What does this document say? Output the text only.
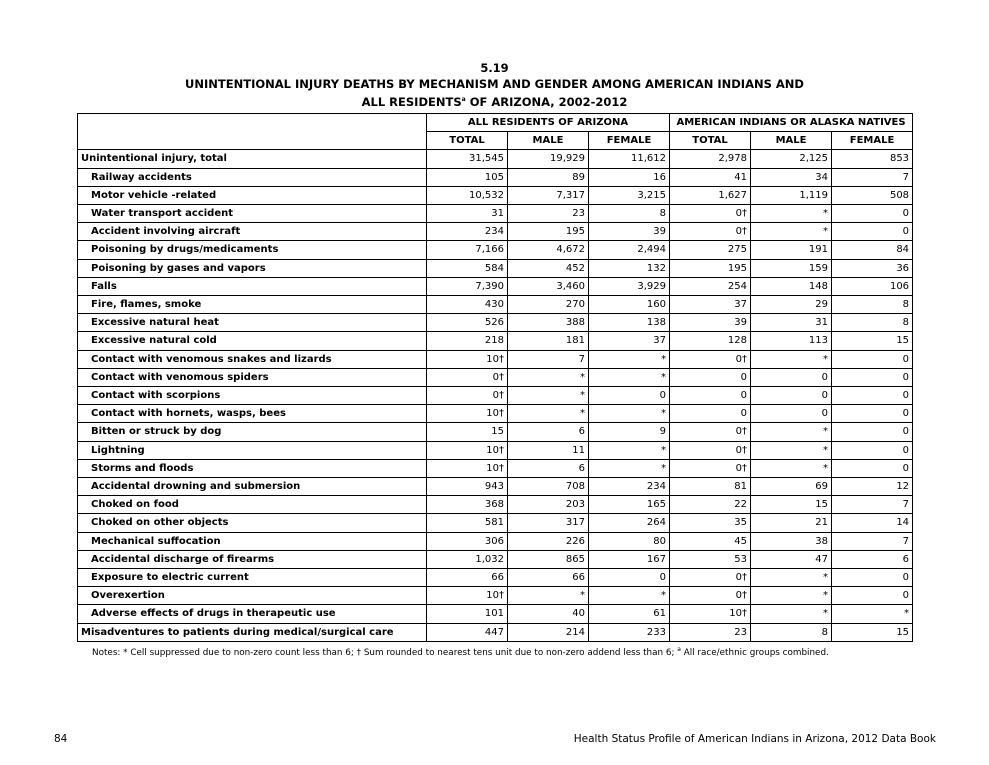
5.19
UNINTENTIONAL INJURY DEATHS BY MECHANISM AND GENDER AMONG AMERICAN INDIANS AND
ALL RESIDENTS$^a$ OF ARIZONA, 2002-2012
	ALL RESIDENTS OF ARIZONA			AMERICAN INDIANS OR ALASKA NATIVES		
	TOTAL	MALE	FEMALE	TOTAL	MALE	FEMALE
Unintentional injury, total	31,545	19,929	11,612	2,978	2,125	853
Railway accidents	105	89	16	41	34	7
Motor vehicle -related	10,532	7,317	3,215	1,627	1,119	508
Water transport accident	31	23	8	0†	*	0
Accident involving aircraft	234	195	39	0†	*	0
Poisoning by drugs/medicaments	7,166	4,672	2,494	275	191	84
Poisoning by gases and vapors	584	452	132	195	159	36
Falls	7,390	3,460	3,929	254	148	106
Fire, flames, smoke	430	270	160	37	29	8
Excessive natural heat	526	388	138	39	31	8
Excessive natural cold	218	181	37	128	113	15
Contact with venomous snakes and lizards	10†	7	*	0†	*	0
Contact with venomous spiders	0†	*	*	0	0	0
Contact with scorpions	0†	*	0	0	0	0
Contact with hornets, wasps, bees	10†	*	*	0	0	0
Bitten or struck by dog	15	6	9	0†	*	0
Lightning	10†	11	*	0†	*	0
Storms and floods	10†	6	*	0†	*	0
Accidental drowning and submersion	943	708	234	81	69	12
Choked on food	368	203	165	22	15	7
Choked on other objects	581	317	264	35	21	14
Mechanical suffocation	306	226	80	45	38	7
Accidental discharge of firearms	1,032	865	167	53	47	6
Exposure to electric current	66	66	0	0†	*	0
Overexertion	10†	*	*	0†	*	0
Adverse effects of drugs in therapeutic use	101	40	61	10†	*	*
Misadventures to patients during medical/surgical care	447	214	233	23	8	15
Notes: * Cell suppressed due to non-zero count less than 6; † Sum rounded to nearest tens unit due to non-zero addend less than 6; $^a$ All race/ethnic groups combined.
84	Health Status Profile of American Indians in Arizona, 2012 Data Book
